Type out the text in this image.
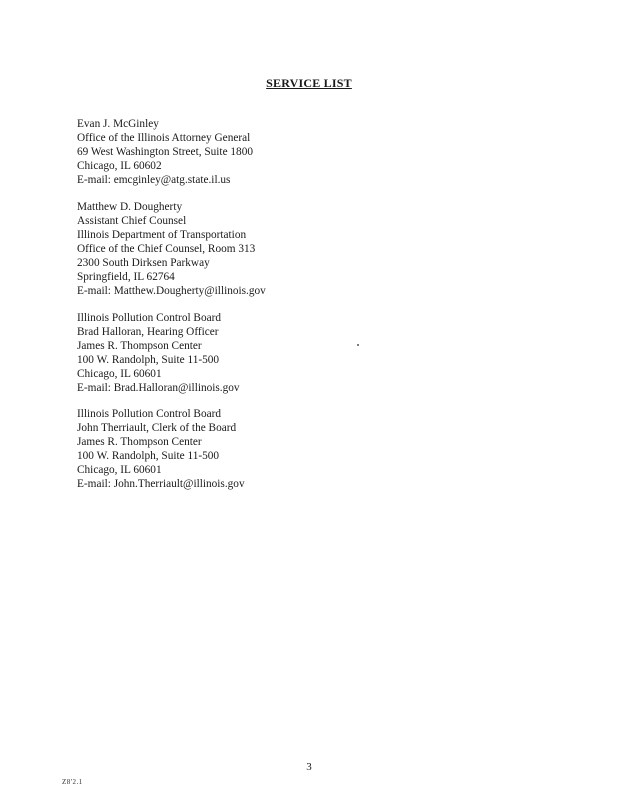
SERVICE LIST
Evan J. McGinley
Office of the Illinois Attorney General
69 West Washington Street, Suite 1800
Chicago, IL 60602
E-mail: emcginley@atg.state.il.us
Matthew D. Dougherty
Assistant Chief Counsel
Illinois Department of Transportation
Office of the Chief Counsel, Room 313
2300 South Dirksen Parkway
Springfield, IL 62764
E-mail: Matthew.Dougherty@illinois.gov
Illinois Pollution Control Board
Brad Halloran, Hearing Officer
James R. Thompson Center
100 W. Randolph, Suite 11-500
Chicago, IL 60601
E-mail: Brad.Halloran@illinois.gov
Illinois Pollution Control Board
John Therriault, Clerk of the Board
James R. Thompson Center
100 W. Randolph, Suite 11-500
Chicago, IL 60601
E-mail: John.Therriault@illinois.gov
3
Z8'2.1
